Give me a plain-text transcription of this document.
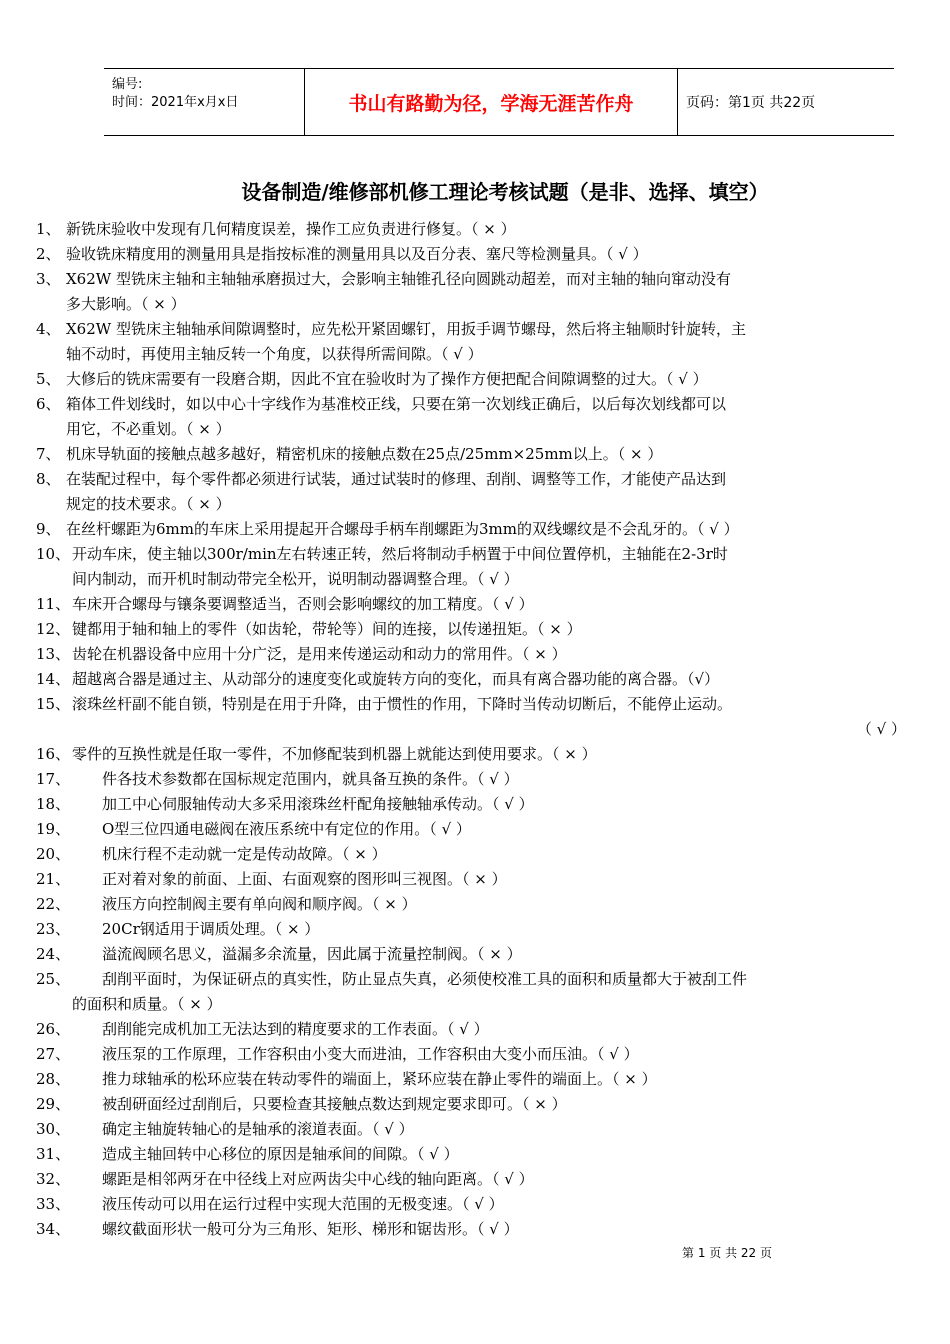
编号:
时间：2021年x月x日	书山有路勤为径，学海无涯苦作舟	页码：第1页 共22页
设备制造/维修部机修工理论考核试题（是非、选择、填空）
1、 新铣床验收中发现有几何精度误差，操作工应负责进行修复。（ × ）
2、 验收铣床精度用的测量用具是指按标准的测量用具以及百分表、塞尺等检测量具。（ √ ）
3、 X62W 型铣床主轴和主轴轴承磨损过大，会影响主轴锥孔径向圆跳动超差，而对主轴的轴向窜动没有
多大影响。（ × ）
4、 X62W 型铣床主轴轴承间隙调整时，应先松开紧固螺钉，用扳手调节螺母，然后将主轴顺时针旋转，主
轴不动时，再使用主轴反转一个角度，以获得所需间隙。（ √ ）
5、 大修后的铣床需要有一段磨合期，因此不宜在验收时为了操作方便把配合间隙调整的过大。（ √ ）
6、 箱体工件划线时，如以中心十字线作为基准校正线，只要在第一次划线正确后，以后每次划线都可以
用它，不必重划。（ × ）
7、 机床导轨面的接触点越多越好，精密机床的接触点数在25点/25mm×25mm以上。（ × ）
8、 在装配过程中，每个零件都必须进行试装，通过试装时的修理、刮削、调整等工作，才能使产品达到
规定的技术要求。（ × ）
9、 在丝杆螺距为6mm的车床上采用提起开合螺母手柄车削螺距为3mm的双线螺纹是不会乱牙的。（ √ ）
10、 开动车床，使主轴以300r/min左右转速正转，然后将制动手柄置于中间位置停机，主轴能在2-3r时
间内制动，而开机时制动带完全松开，说明制动器调整合理。（ √ ）
11、 车床开合螺母与镶条要调整适当，否则会影响螺纹的加工精度。（ √ ）
12、 键都用于轴和轴上的零件（如齿轮，带轮等）间的连接，以传递扭矩。（ × ）
13、 齿轮在机器设备中应用十分广泛，是用来传递运动和动力的常用件。（ × ）
14、 超越离合器是通过主、从动部分的速度变化或旋转方向的变化，而具有离合器功能的离合器。（√）
15、 滚珠丝杆副不能自锁，特别是在用于升降，由于惯性的作用，下降时当传动切断后，不能停止运动。
（ √ ）
16、 零件的互换性就是任取一零件，不加修配装到机器上就能达到使用要求。（ × ）
17、 件各技术参数都在国标规定范围内，就具备互换的条件。（ √ ）
18、 加工中心伺服轴传动大多采用滚珠丝杆配角接触轴承传动。（ √ ）
19、 O型三位四通电磁阀在液压系统中有定位的作用。（ √ ）
20、 机床行程不走动就一定是传动故障。（ × ）
21、 正对着对象的前面、上面、右面观察的图形叫三视图。（ × ）
22、 液压方向控制阀主要有单向阀和顺序阀。（ × ）
23、 20Cr钢适用于调质处理。（ × ）
24、 溢流阀顾名思义，溢漏多余流量，因此属于流量控制阀。（ × ）
25、 刮削平面时，为保证研点的真实性，防止显点失真，必须使校准工具的面积和质量都大于被刮工件
的面积和质量。（ × ）
26、 刮削能完成机加工无法达到的精度要求的工作表面。（ √ ）
27、 液压泵的工作原理，工作容积由小变大而进油，工作容积由大变小而压油。（ √ ）
28、 推力球轴承的松环应装在转动零件的端面上，紧环应装在静止零件的端面上。（ × ）
29、 被刮研面经过刮削后，只要检查其接触点数达到规定要求即可。（ × ）
30、 确定主轴旋转轴心的是轴承的滚道表面。（ √ ）
31、 造成主轴回转中心移位的原因是轴承间的间隙。（ √ ）
32、 螺距是相邻两牙在中径线上对应两齿尖中心线的轴向距离。（ √ ）
33、 液压传动可以用在运行过程中实现大范围的无极变速。（ √ ）
34、 螺纹截面形状一般可分为三角形、矩形、梯形和锯齿形。（ √ ）
第 1 页 共 22 页
